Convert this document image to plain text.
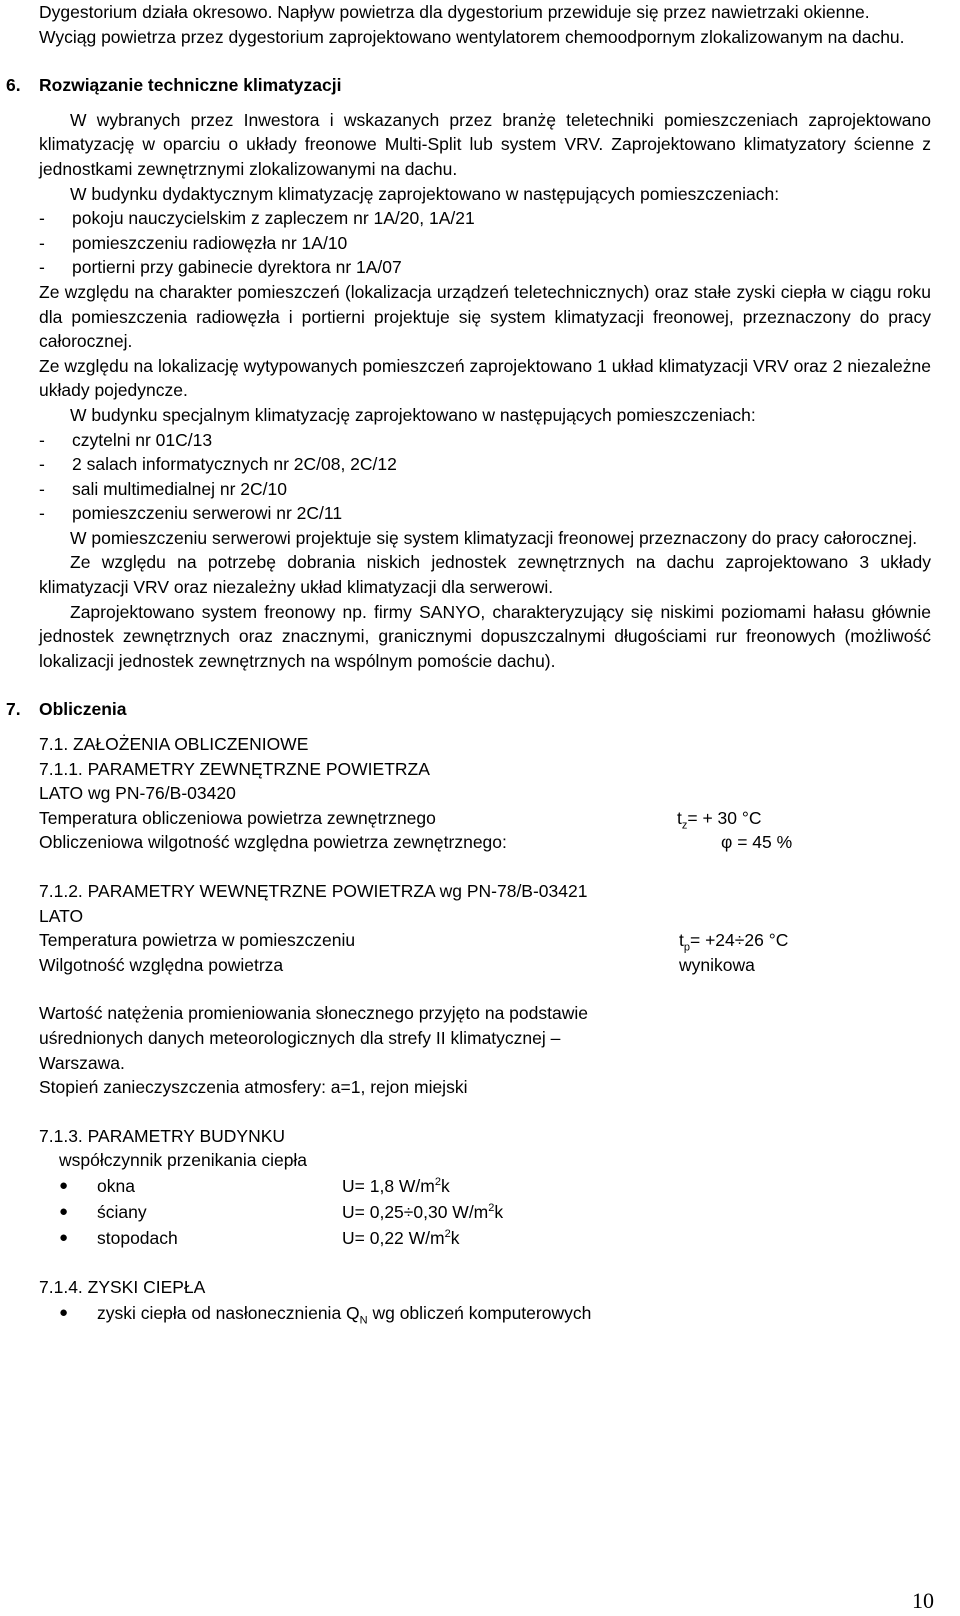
Dygestorium działa okresowo. Napływ powietrza dla dygestorium przewiduje się przez nawietrzaki okienne.

Wyciąg powietrza przez dygestorium zaprojektowano wentylatorem chemoodpornym zlokalizowanym na dachu.

6.	Rozwiązanie techniczne klimatyzacji

W wybranych przez Inwestora i wskazanych przez branżę teletechniki pomieszczeniach zaprojektowano klimatyzację w oparciu o układy freonowe Multi-Split lub system VRV. Zaprojektowano klimatyzatory ścienne z jednostkami zewnętrznymi zlokalizowanymi na dachu.

W budynku dydaktycznym klimatyzację zaprojektowano w następujących pomieszczeniach:

-	pokoju nauczycielskim z zapleczem nr 1A/20, 1A/21
-	pomieszczeniu radiowęzła nr 1A/10
-	portierni przy gabinecie dyrektora nr 1A/07

Ze względu na charakter pomieszczeń (lokalizacja urządzeń teletechnicznych) oraz stałe zyski ciepła w ciągu roku dla pomieszczenia radiowęzła i portierni projektuje się system klimatyzacji freonowej, przeznaczony do pracy całorocznej.

Ze względu na lokalizację wytypowanych pomieszczeń zaprojektowano 1 układ klimatyzacji VRV oraz 2 niezależne układy pojedyncze.

W budynku specjalnym klimatyzację zaprojektowano w następujących pomieszczeniach:

-	czytelni nr 01C/13
-	2 salach informatycznych nr 2C/08, 2C/12
-	sali multimedialnej nr 2C/10
-	pomieszczeniu serwerowi nr 2C/11

W pomieszczeniu serwerowi projektuje się system klimatyzacji freonowej przeznaczony do pracy całorocznej.

Ze względu na potrzebę dobrania niskich jednostek zewnętrznych na dachu zaprojektowano 3 układy klimatyzacji VRV oraz niezależny układ klimatyzacji dla serwerowi.

Zaprojektowano system freonowy np. firmy SANYO, charakteryzujący się niskimi poziomami hałasu głównie jednostek zewnętrznych oraz znacznymi, granicznymi dopuszczalnymi długościami rur freonowych (możliwość lokalizacji jednostek zewnętrznych na wspólnym pomoście dachu).

7.	Obliczenia
7.1. ZAŁOŻENIA OBLICZENIOWE
7.1.1. PARAMETRY ZEWNĘTRZNE POWIETRZA
LATO wg PN-76/B-03420
Temperatura obliczeniowa powietrza zewnętrznego	$t_z= + 30$ °C
Obliczeniowa wilgotność względna powietrza zewnętrznego:	φ = 45 %
7.1.2. PARAMETRY WEWNĘTRZNE POWIETRZA wg PN-78/B-03421
LATO
Temperatura powietrza w pomieszczeniu	$t_p= +24\div 26$ °C
Wilgotność względna powietrza	wynikowa
Wartość natężenia promieniowania słonecznego przyjęto na podstawie
uśrednionych danych meteorologicznych dla strefy II klimatycznej –
Warszawa.
Stopień zanieczyszczenia atmosfery: a=1, rejon miejski
7.1.3. PARAMETRY BUDYNKU
współczynnik przenikania ciepła
●	okna	U= 1,8 $W/m^2k$
●	ściany	U= 0,25÷0,30 $W/m^2k$
●	stopodach	U= 0,22 $W/m^2k$
7.1.4. ZYSKI CIEPŁA
●	zyski ciepła od nasłonecznienia $Q_N$ wg obliczeń komputerowych
10
